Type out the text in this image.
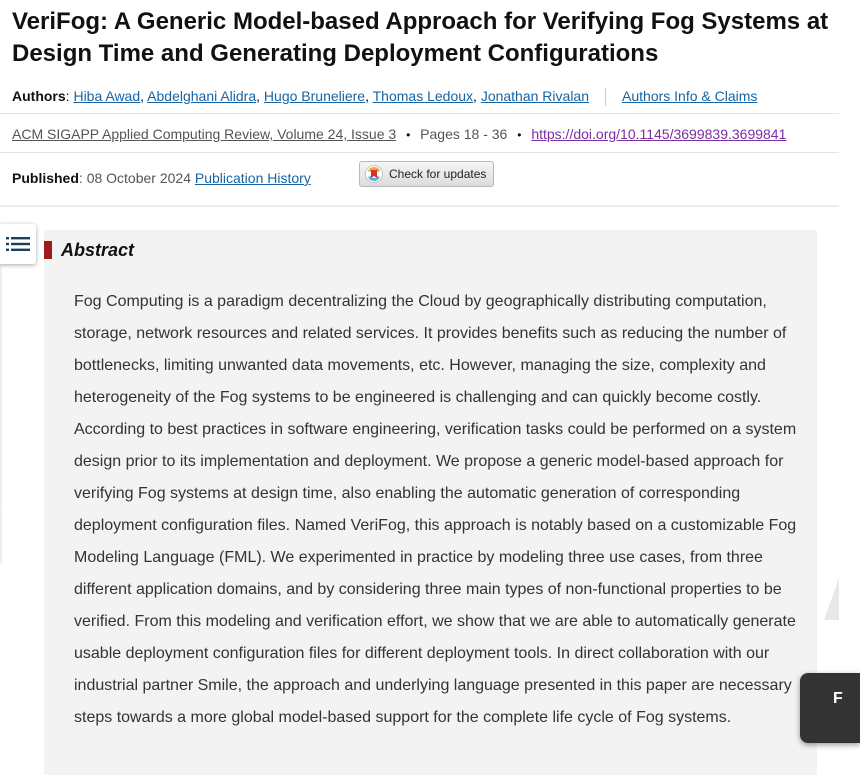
VeriFog: A Generic Model-based Approach for Verifying Fog Systems at Design Time and Generating Deployment Configurations
Authors: Hiba Awad, Abdelghani Alidra, Hugo Bruneliere, Thomas Ledoux, Jonathan Rivalan Authors Info & Claims
ACM SIGAPP Applied Computing Review, Volume 24, Issue 3 • Pages 18 - 36 • https://doi.org/10.1145/3699839.3699841
Published: 08 October 2024 Publication History	Check for updates
Abstract

Fog Computing is a paradigm decentralizing the Cloud by geographically distributing computation, storage, network resources and related services. It provides benefits such as reducing the number of bottlenecks, limiting unwanted data movements, etc. However, managing the size, complexity and heterogeneity of the Fog systems to be engineered is challenging and can quickly become costly. According to best practices in software engineering, verification tasks could be performed on a system design prior to its implementation and deployment. We propose a generic model-based approach for verifying Fog systems at design time, also enabling the automatic generation of corresponding deployment configuration files. Named VeriFog, this approach is notably based on a customizable Fog Modeling Language (FML). We experimented in practice by modeling three use cases, from three different application domains, and by considering three main types of non-functional properties to be verified. From this modeling and verification effort, we show that we are able to automatically generate usable deployment configuration files for different deployment tools. In direct collaboration with our industrial partner Smile, the approach and underlying language presented in this paper are necessary steps towards a more global model-based support for the complete life cycle of Fog systems.

F
